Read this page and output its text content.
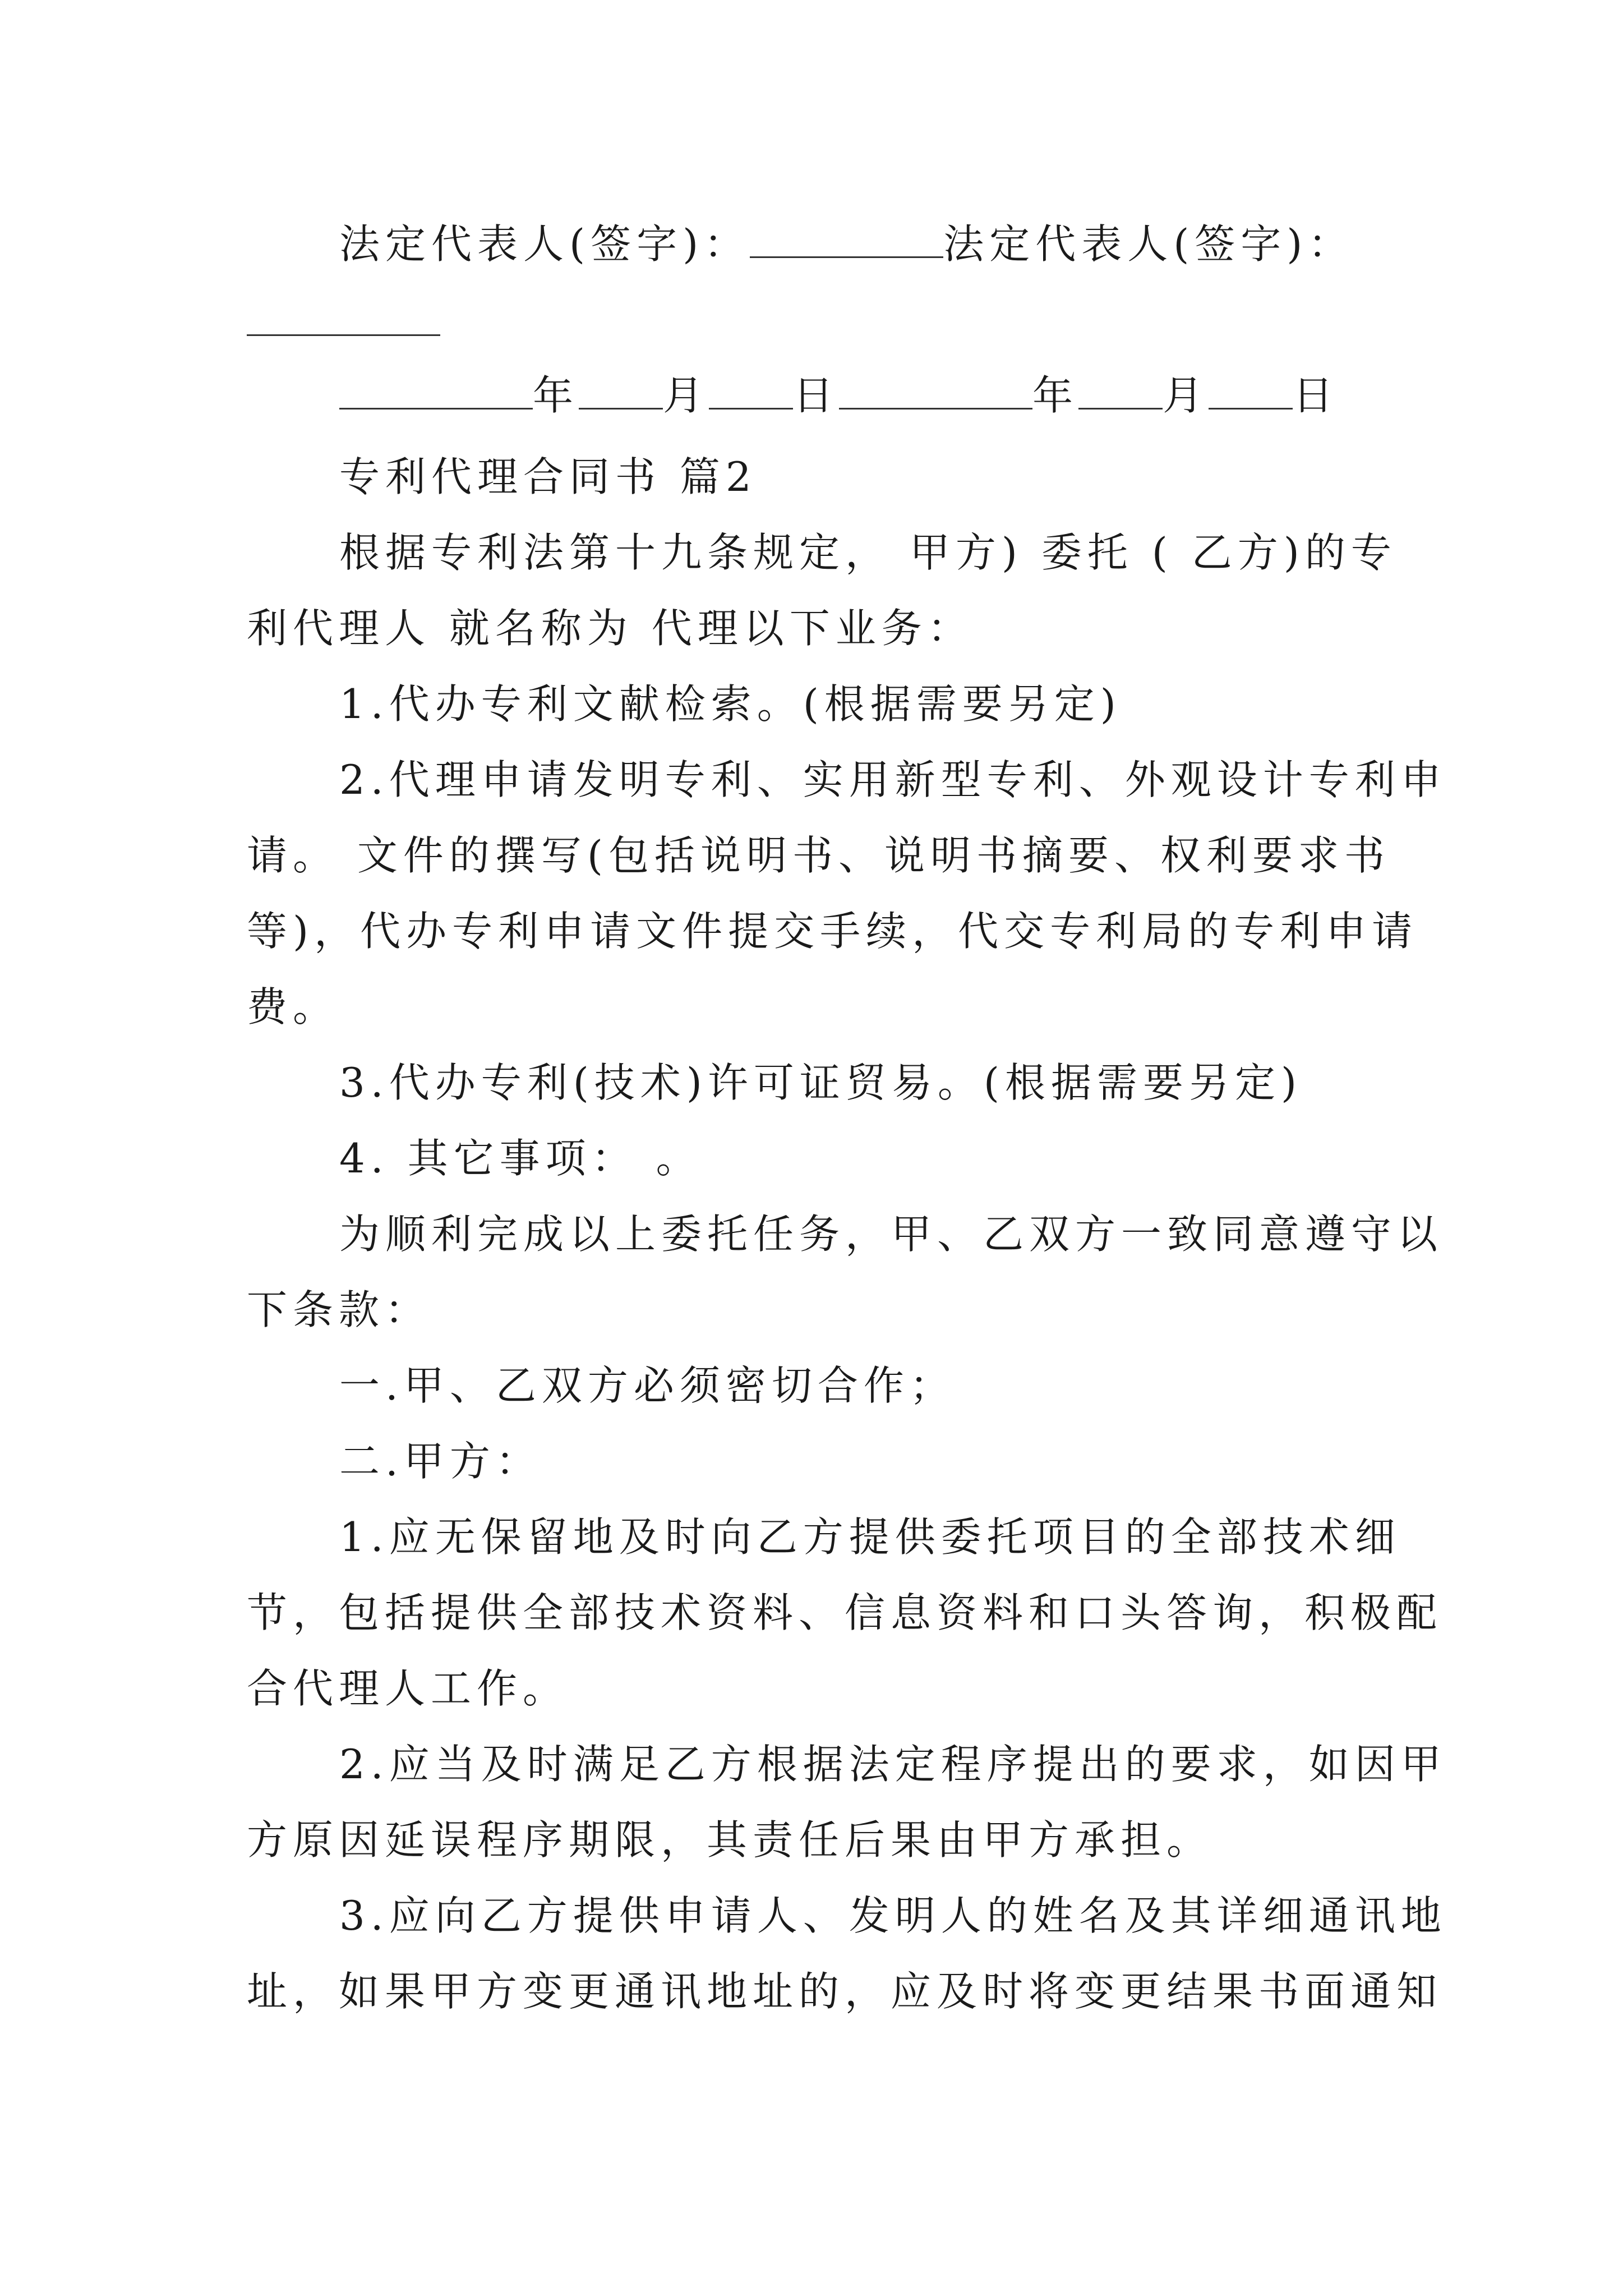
法定代表人(签字)：	法定代表人(签字)：
年 月 日	年 月 日
专利代理合同书 篇2
根据专利法第十九条规定， 甲方) 委托 ( 乙方)的专
利代理人 就名称为 代理以下业务：
1.代办专利文献检索。(根据需要另定)
2.代理申请发明专利、实用新型专利、外观设计专利申
请。 文件的撰写(包括说明书、说明书摘要、权利要求书
等)，代办专利申请文件提交手续，代交专利局的专利申请
费。
3.代办专利(技术)许可证贸易。(根据需要另定)
4. 其它事项： 。
为顺利完成以上委托任务，甲、乙双方一致同意遵守以
下条款：
一.甲、乙双方必须密切合作；
二.甲方：
1.应无保留地及时向乙方提供委托项目的全部技术细
节，包括提供全部技术资料、信息资料和口头答询，积极配
合代理人工作。
2.应当及时满足乙方根据法定程序提出的要求，如因甲
方原因延误程序期限，其责任后果由甲方承担。
3.应向乙方提供申请人、发明人的姓名及其详细通讯地
址，如果甲方变更通讯地址的，应及时将变更结果书面通知
